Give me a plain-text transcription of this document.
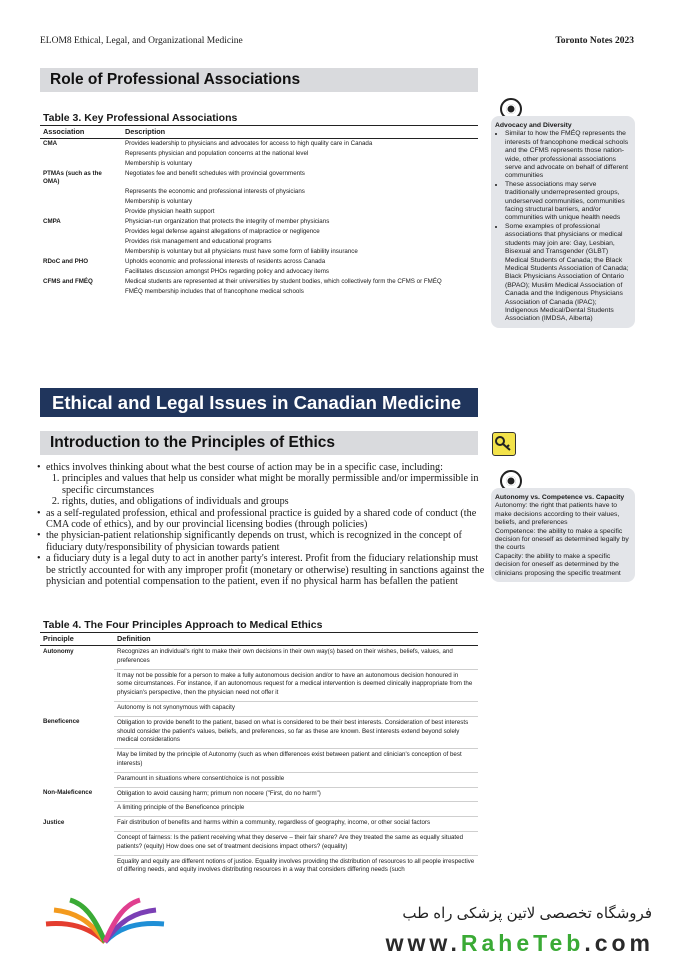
ELOM8 Ethical, Legal, and Organizational Medicine	Toronto Notes 2023
Role of Professional Associations
Table 3. Key Professional Associations
Association	Description
CMA	Provides leadership to physicians and advocates for access to high quality care in Canada
	Represents physician and population concerns at the national level
	Membership is voluntary
PTMAs (such as the OMA)	Negotiates fee and benefit schedules with provincial governments
	Represents the economic and professional interests of physicians
	Membership is voluntary
	Provide physician health support
CMPA	Physician-run organization that protects the integrity of member physicians
	Provides legal defense against allegations of malpractice or negligence
	Provides risk management and educational programs
	Membership is voluntary but all physicians must have some form of liability insurance
RDoC and PHO	Upholds economic and professional interests of residents across Canada
	Facilitates discussion amongst PHOs regarding policy and advocacy items
CFMS and FMÉQ	Medical students are represented at their universities by student bodies, which collectively form the CFMS or FMÉQ
	FMÉQ membership includes that of francophone medical schools
Ethical and Legal Issues in Canadian Medicine
Introduction to the Principles of Ethics
• ethics involves thinking about what the best course of action may be in a specific case, including:
1. principles and values that help us consider what might be morally permissible and/or impermissible in specific circumstances
2. rights, duties, and obligations of individuals and groups
• as a self-regulated profession, ethical and professional practice is guided by a shared code of conduct (the CMA code of ethics), and by our provincial licensing bodies (through policies)
• the physician-patient relationship significantly depends on trust, which is recognized in the concept of fiduciary duty/responsibility of physician towards patient
• a fiduciary duty is a legal duty to act in another party's interest. Profit from the fiduciary relationship must be strictly accounted for with any improper profit (monetary or otherwise) resulting in sanctions against the physician and potential compensation to the patient, even if no physical harm has befallen the patient
Table 4. The Four Principles Approach to Medical Ethics
Principle	Definition
Autonomy	Recognizes an individual's right to make their own decisions in their own way(s) based on their wishes, beliefs, values, and preferences
	It may not be possible for a person to make a fully autonomous decision and/or to have an autonomous decision honoured in some circumstances. For instance, if an autonomous request for a medical intervention is deemed clinically inappropriate from the physician's perspective, then the physician need not offer it
	Autonomy is not synonymous with capacity
Beneficence	Obligation to provide benefit to the patient, based on what is considered to be their best interests. Consideration of best interests should consider the patient's values, beliefs, and preferences, so far as these are known. Best interests extend beyond solely medical considerations
	May be limited by the principle of Autonomy (such as when differences exist between patient and clinician's conception of best interests)
	Paramount in situations where consent/choice is not possible
Non-Maleficence	Obligation to avoid causing harm; primum non nocere ("First, do no harm")
	A limiting principle of the Beneficence principle
Justice	Fair distribution of benefits and harms within a community, regardless of geography, income, or other social factors
	Concept of fairness: Is the patient receiving what they deserve – their fair share? Are they treated the same as equally situated patients? (equity) How does one set of treatment decisions impact others? (equality)
	Equality and equity are different notions of justice. Equality involves providing the distribution of resources to all people irrespective of differing needs, and equity involves distributing resources in a way that considers differing needs (such
Advocacy and Diversity
• Similar to how the FMÉQ represents the interests of francophone medical schools and the CFMS represents those nation-wide, other professional associations serve and advocate on behalf of different communities
• These associations may serve traditionally underrepresented groups, underserved communities, communities facing structural barriers, and/or communities with unique health needs
• Some examples of professional associations that physicians or medical students may join are: Gay, Lesbian, Bisexual and Transgender (GLBT) Medical Students of Canada; the Black Medical Students Association of Canada; Black Physicians Association of Ontario (BPAO); Muslim Medical Association of Canada and the Indigenous Physicians Association of Canada (IPAC); Indigenous Medical/Dental Students Association (IMDSA, Alberta)
Autonomy vs. Competence vs. Capacity
Autonomy: the right that patients have to make decisions according to their values, beliefs, and preferences
Competence: the ability to make a specific decision for oneself as determined legally by the courts
Capacity: the ability to make a specific decision for oneself as determined by the clinicians proposing the specific treatment
فروشگاه تخصصی لاتین پزشکی راه طب
www.RaheTeb.com
